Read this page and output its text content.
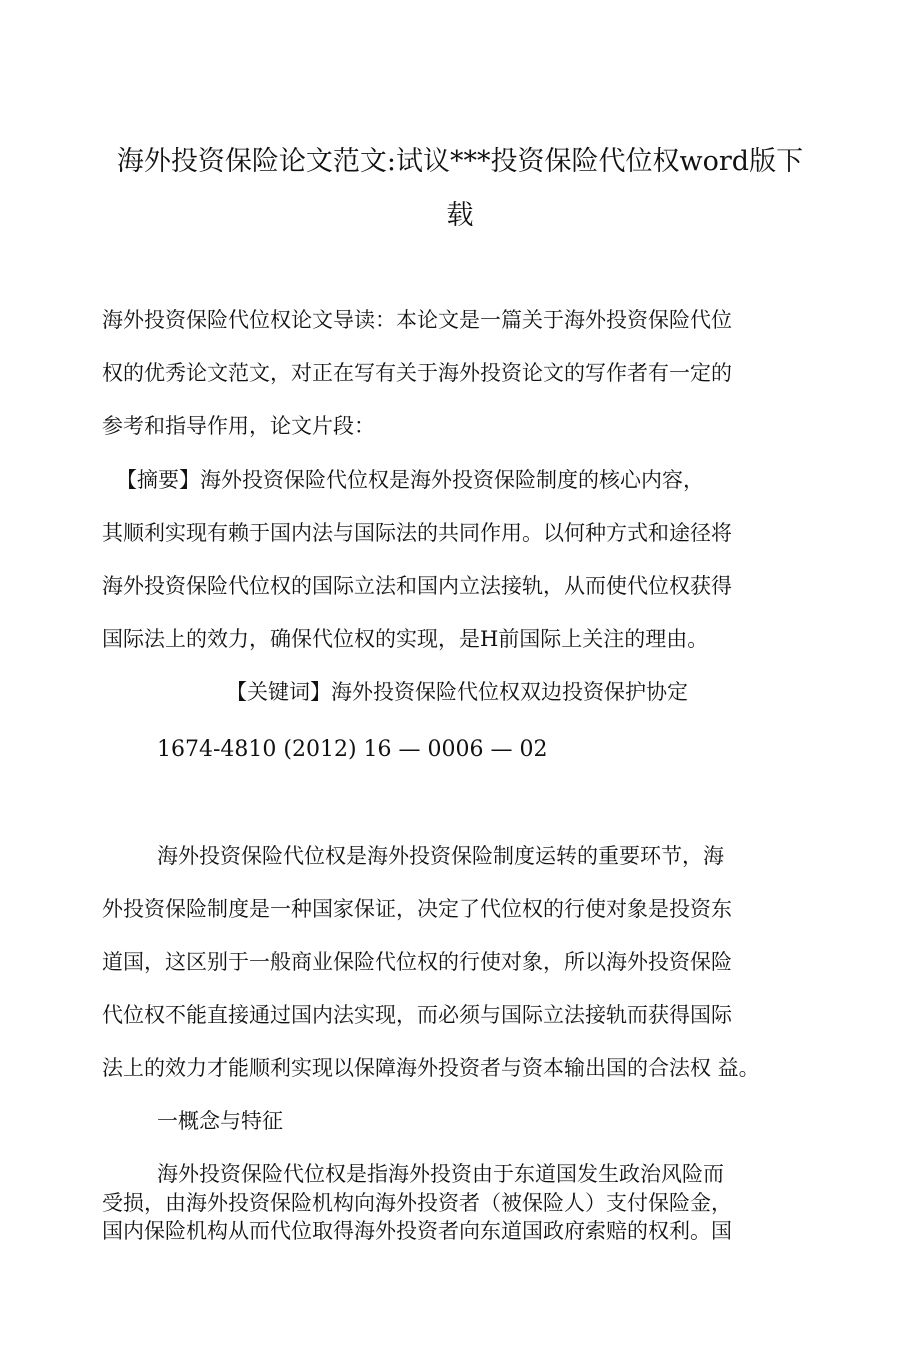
海外投资保险论文范文:试议***投资保险代位权word版下
载
海外投资保险代位权论文导读：本论文是一篇关于海外投资保险代位
权的优秀论文范文，对正在写有关于海外投资论文的写作者有一定的
参考和指导作用，论文片段：
【摘要】海外投资保险代位权是海外投资保险制度的核心内容，
其顺利实现有赖于国内法与国际法的共同作用。以何种方式和途径将
海外投资保险代位权的国际立法和国内立法接轨，从而使代位权获得
国际法上的效力，确保代位权的实现，是H前国际上关注的理由。
【关键词】海外投资保险代位权双边投资保护协定
1674-4810 (2012) 16 — 0006 — 02
海外投资保险代位权是海外投资保险制度运转的重要环节，海
外投资保险制度是一种国家保证，决定了代位权的行使对象是投资东
道国，这区别于一般商业保险代位权的行使对象，所以海外投资保险
代位权不能直接通过国内法实现，而必须与国际立法接轨而获得国际
法上的效力才能顺利实现以保障海外投资者与资本输出国的合法权 益。
一概念与特征
海外投资保险代位权是指海外投资由于东道国发生政治风险而
受损，由海外投资保险机构向海外投资者（被保险人）支付保险金，
国内保险机构从而代位取得海外投资者向东道国政府索赔的权利。国
